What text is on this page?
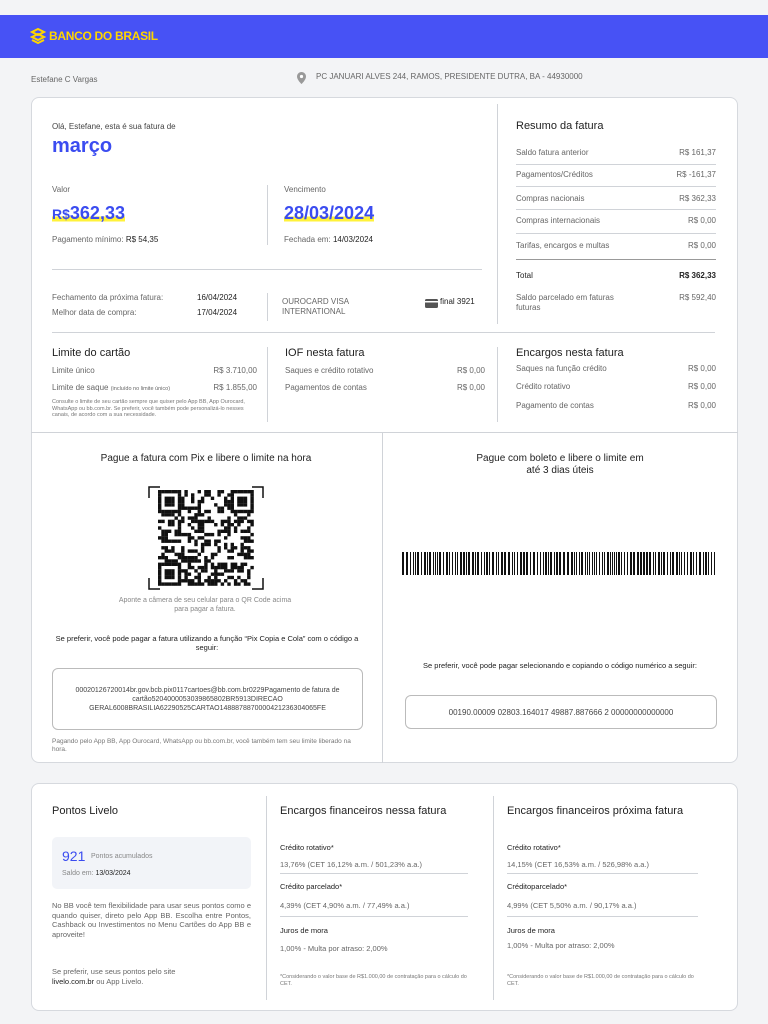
BANCO DO BRASIL
Estefane C Vargas	PC JANUARI ALVES 244, RAMOS, PRESIDENTE DUTRA, BA - 44930000
Olá, Estefane, esta é sua fatura de
março
Valor
R$362,33
Pagamento mínimo: R$ 54,35
Vencimento
28/03/2024
Fechada em: 14/03/2024
Fechamento da próxima fatura:	16/04/2024
Melhor data de compra:	17/04/2024
OUROCARD VISA INTERNATIONAL
final 3921
Resumo da fatura
Saldo fatura anterior	R$ 161,37
Pagamentos/Créditos	R$ -161,37
Compras nacionais	R$ 362,33
Compras internacionais	R$ 0,00
Tarifas, encargos e multas	R$ 0,00
Total	R$ 362,33
Saldo parcelado em faturas futuras
R$ 592,40
Limite do cartão
Limite único	R$ 3.710,00
Limite de saque (incluído no limite único)	R$ 1.855,00
Consulte o limite de seu cartão sempre que quiser pelo App BB, App Ourocard, WhatsApp ou bb.com.br. Se preferir, você também pode personalizá-lo nesses canais, de acordo com a sua necessidade.
IOF nesta fatura
Saques e crédito rotativo	R$ 0,00
Pagamentos de contas	R$ 0,00
Encargos nesta fatura
Saques na função crédito	R$ 0,00
Crédito rotativo	R$ 0,00
Pagamento de contas	R$ 0,00
Pague a fatura com Pix e libere o limite na hora
Aponte a câmera de seu celular para o QR Code acima para pagar a fatura.
Se preferir, você pode pagar a fatura utilizando a função “Pix Copia e Cola” com o código a seguir:
00020126720014br.gov.bcb.pix0117cartoes@bb.com.br0229Pagamento de fatura de cartão5204000053039865802BR5913DIRECAO GERAL6008BRASILIA62290525CARTAO1488878870000421236304065FE
Pagando pelo App BB, App Ourocard, WhatsApp ou bb.com.br, você também tem seu limite liberado na hora.
Pague com boleto e libere o limite em até 3 dias úteis
Se preferir, você pode pagar selecionando e copiando o código numérico a seguir:
00190.00009 02803.164017 49887.887666 2 00000000000000
Pontos Livelo
921 Pontos acumulados
Saldo em: 13/03/2024
No BB você tem flexibilidade para usar seus pontos como e quando quiser, direto pelo App BB. Escolha entre Pontos, Cashback ou Investimentos no Menu Cartões do App BB e aproveite!
Se preferir, use seus pontos pelo site
livelo.com.br ou App Livelo.
Encargos financeiros nessa fatura
Crédito rotativo*
13,76% (CET 16,12% a.m. / 501,23% a.a.)
Crédito parcelado*
4,39% (CET 4,90% a.m. / 77,49% a.a.)
Juros de mora
1,00% - Multa por atraso: 2,00%
*Considerando o valor base de R$1.000,00 de contratação para o cálculo do CET.
Encargos financeiros próxima fatura
Crédito rotativo*
14,15% (CET 16,53% a.m. / 526,98% a.a.)
Créditoparcelado*
4,99% (CET 5,50% a.m. / 90,17% a.a.)
Juros de mora
1,00% - Multa por atraso: 2,00%
*Considerando o valor base de R$1.000,00 de contratação para o cálculo do CET.
